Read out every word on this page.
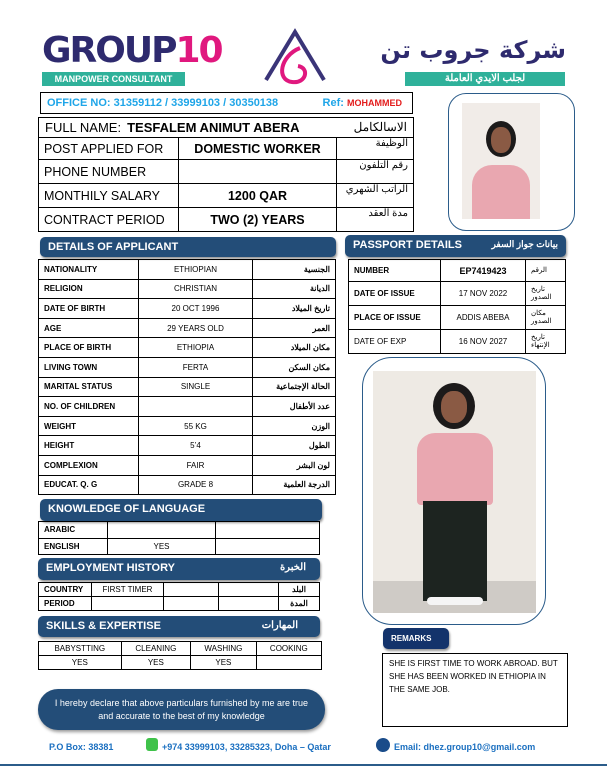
GROUP10
MANPOWER CONSULTANT
شركة جروب تن
لجلب الايدي العاملة
OFFICE NO: 31359112 / 33999103 / 30350138	Ref: MOHAMMED
FULL NAME: TESFALEM ANIMUT ABERA	الاسالكامل
POST APPLIED FOR	DOMESTIC WORKER	الوظيفة
PHONE NUMBER		رقم التلفون
MONTHILY SALARY	1200 QAR	الراتب الشهري
CONTRACT PERIOD	TWO (2) YEARS	مدة العقد
DETAILS OF APPLICANT
NATIONALITY	ETHIOPIAN	الجنسية
RELIGION	CHRISTIAN	الديانة
DATE OF BIRTH	20 OCT 1996	تاريخ الميلاد
AGE	29 YEARS OLD	العمر
PLACE OF BIRTH	ETHIOPIA	مكان الميلاد
LIVING TOWN	FERTA	مكان السكن
MARITAL STATUS	SINGLE	الحالة الإجتماعية
NO. OF CHILDREN		عدد الأطفال
WEIGHT	55 KG	الوزن
HEIGHT	5’4	الطول
COMPLEXION	FAIR	لون البشر
EDUCAT. Q. G	GRADE 8	الدرجة العلمية
PASSPORT DETAILS	بيانات جواز السفر
NUMBER	EP7419423	الرقم
DATE OF ISSUE	17 NOV 2022	تاريخ الصدور
PLACE OF ISSUE	ADDIS ABEBA	مكان الصدور
DATE OF EXP	16 NOV 2027	تاريخ الإنتهاء
KNOWLEDGE OF LANGUAGE
ARABIC		
ENGLISH	YES	
EMPLOYMENT HISTORY	الخبرة
COUNTRY	FIRST TIMER			البلد
PERIOD				المدة
SKILLS & EXPERTISE	المهارات
BABYSTTING	CLEANING	WASHING	COOKING
YES	YES	YES	
I hereby declare that above particulars furnished by me are true and accurate to the best of my knowledge
REMARKS
SHE IS FIRST TIME TO WORK ABROAD. BUT SHE HAS BEEN WORKED IN ETHIOPIA IN THE SAME JOB.
P.O Box: 38381	+974 33999103, 33285323, Doha – Qatar	Email: dhez.group10@gmail.com
